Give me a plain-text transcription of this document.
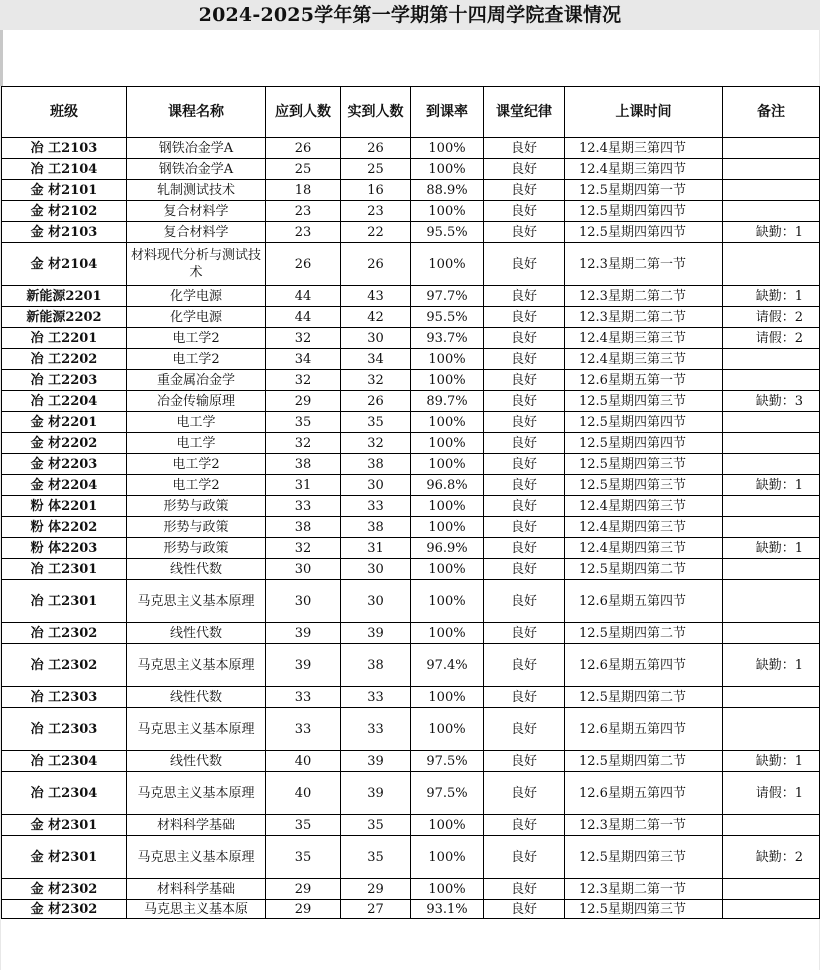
2024-2025学年第一学期第十四周学院查课情况
班级	课程名称	应到人数	实到人数	到课率	课堂纪律	上课时间	备注
冶 工2103	钢铁冶金学A	26	26	100%	良好	12.4星期三第四节	
冶 工2104	钢铁冶金学A	25	25	100%	良好	12.4星期三第四节	
金 材2101	轧制测试技术	18	16	88.9%	良好	12.5星期四第一节	
金 材2102	复合材料学	23	23	100%	良好	12.5星期四第四节	
金 材2103	复合材料学	23	22	95.5%	良好	12.5星期四第四节	缺勤：1
金 材2104	材料现代分析与测试技术	26	26	100%	良好	12.3星期二第一节	
新能源2201	化学电源	44	43	97.7%	良好	12.3星期二第二节	缺勤：1
新能源2202	化学电源	44	42	95.5%	良好	12.3星期二第二节	请假：2
冶 工2201	电工学2	32	30	93.7%	良好	12.4星期三第三节	请假：2
冶 工2202	电工学2	34	34	100%	良好	12.4星期三第三节	
冶 工2203	重金属冶金学	32	32	100%	良好	12.6星期五第一节	
冶 工2204	冶金传输原理	29	26	89.7%	良好	12.5星期四第三节	缺勤：3
金 材2201	电工学	35	35	100%	良好	12.5星期四第四节	
金 材2202	电工学	32	32	100%	良好	12.5星期四第四节	
金 材2203	电工学2	38	38	100%	良好	12.5星期四第三节	
金 材2204	电工学2	31	30	96.8%	良好	12.5星期四第三节	缺勤：1
粉 体2201	形势与政策	33	33	100%	良好	12.4星期四第三节	
粉 体2202	形势与政策	38	38	100%	良好	12.4星期四第三节	
粉 体2203	形势与政策	32	31	96.9%	良好	12.4星期四第三节	缺勤：1
冶 工2301	线性代数	30	30	100%	良好	12.5星期四第二节	
冶 工2301	马克思主义基本原理	30	30	100%	良好	12.6星期五第四节	
冶 工2302	线性代数	39	39	100%	良好	12.5星期四第二节	
冶 工2302	马克思主义基本原理	39	38	97.4%	良好	12.6星期五第四节	缺勤：1
冶 工2303	线性代数	33	33	100%	良好	12.5星期四第二节	
冶 工2303	马克思主义基本原理	33	33	100%	良好	12.6星期五第四节	
冶 工2304	线性代数	40	39	97.5%	良好	12.5星期四第二节	缺勤：1
冶 工2304	马克思主义基本原理	40	39	97.5%	良好	12.6星期五第四节	请假：1
金 材2301	材料科学基础	35	35	100%	良好	12.3星期二第一节	
金 材2301	马克思主义基本原理	35	35	100%	良好	12.5星期四第三节	缺勤：2
金 材2302	材料科学基础	29	29	100%	良好	12.3星期二第一节	
金 材2302	马克思主义基本原	29	27	93.1%	良好	12.5星期四第三节	
